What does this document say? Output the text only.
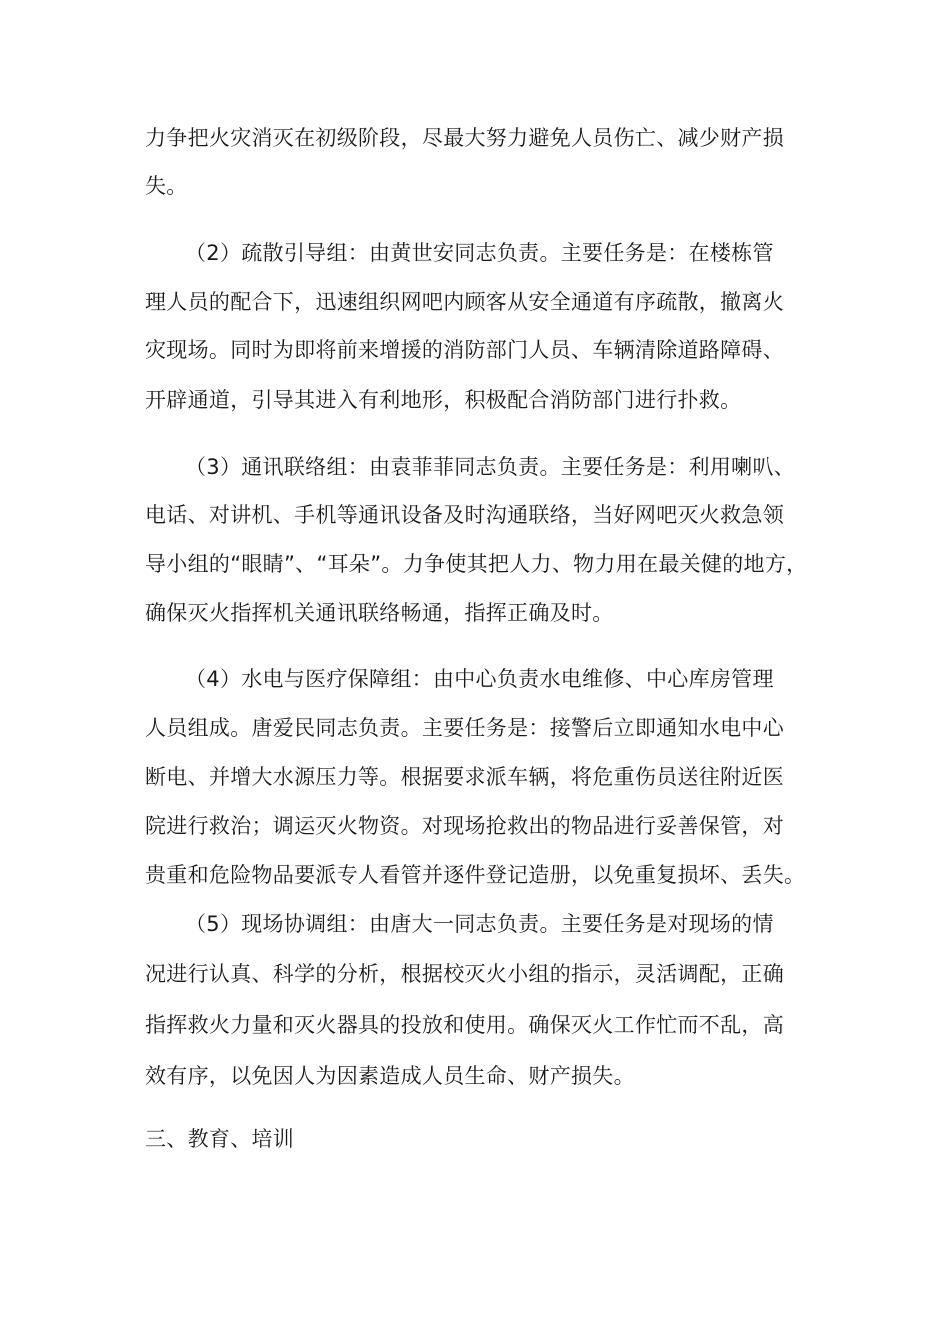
力争把火灾消灭在初级阶段，尽最大努力避免人员伤亡、减少财产损
失。
（2）疏散引导组：由黄世安同志负责。主要任务是：在楼栋管
理人员的配合下，迅速组织网吧内顾客从安全通道有序疏散，撤离火
灾现场。同时为即将前来增援的消防部门人员、车辆清除道路障碍、
开辟通道，引导其进入有利地形，积极配合消防部门进行扑救。
（3）通讯联络组：由袁菲菲同志负责。主要任务是：利用喇叭、
电话、对讲机、手机等通讯设备及时沟通联络，当好网吧灭火救急领
导小组的“眼睛”、“耳朵”。力争使其把人力、物力用在最关健的地方，
确保灭火指挥机关通讯联络畅通，指挥正确及时。
（4）水电与医疗保障组：由中心负责水电维修、中心库房管理
人员组成。唐爱民同志负责。主要任务是：接警后立即通知水电中心
断电、并增大水源压力等。根据要求派车辆，将危重伤员送往附近医
院进行救治；调运灭火物资。对现场抢救出的物品进行妥善保管，对
贵重和危险物品要派专人看管并逐件登记造册，以免重复损坏、丢失。
（5）现场协调组：由唐大一同志负责。主要任务是对现场的情
况进行认真、科学的分析，根据校灭火小组的指示，灵活调配，正确
指挥救火力量和灭火器具的投放和使用。确保灭火工作忙而不乱，高
效有序，以免因人为因素造成人员生命、财产损失。
三、教育、培训
